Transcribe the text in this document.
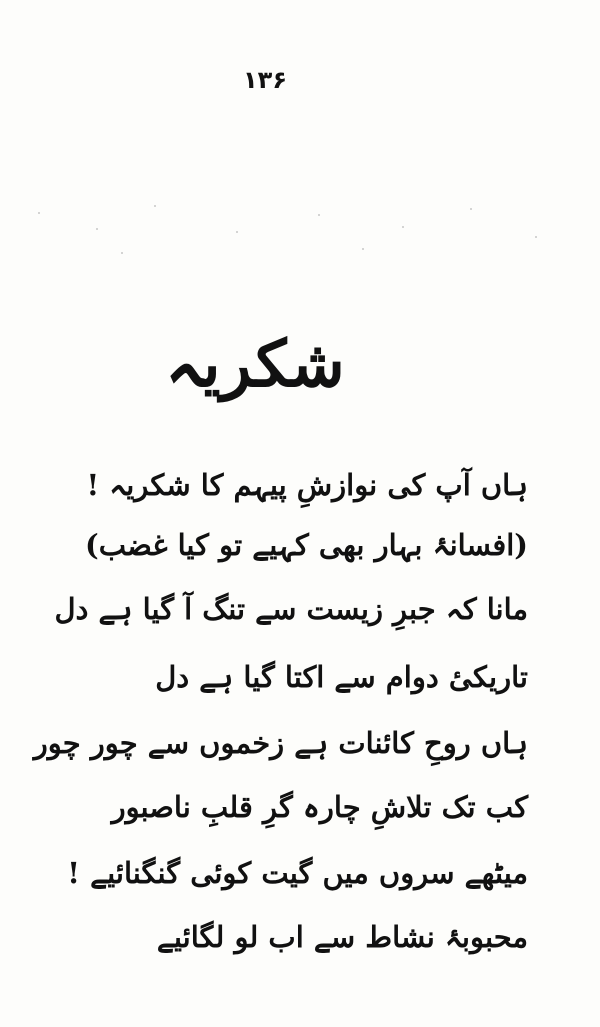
۱۳۶
شکریہ
ہاں آپ کی نوازشِ پیہم کا شکریہ !
(افسانۂ بہار بھی کہیے تو کیا غضب)
مانا کہ جبرِ زیست سے تنگ آ گیا ہے دل
تاریکیٔ دوام سے اکتا گیا ہے دل
ہاں روحِ کائنات ہے زخموں سے چور چور
کب تک تلاشِ چارہ گرِ قلبِ ناصبور
میٹھے سروں میں گیت کوئی گنگنائیے !
محبوبۂ نشاط سے اب لو لگائیے
